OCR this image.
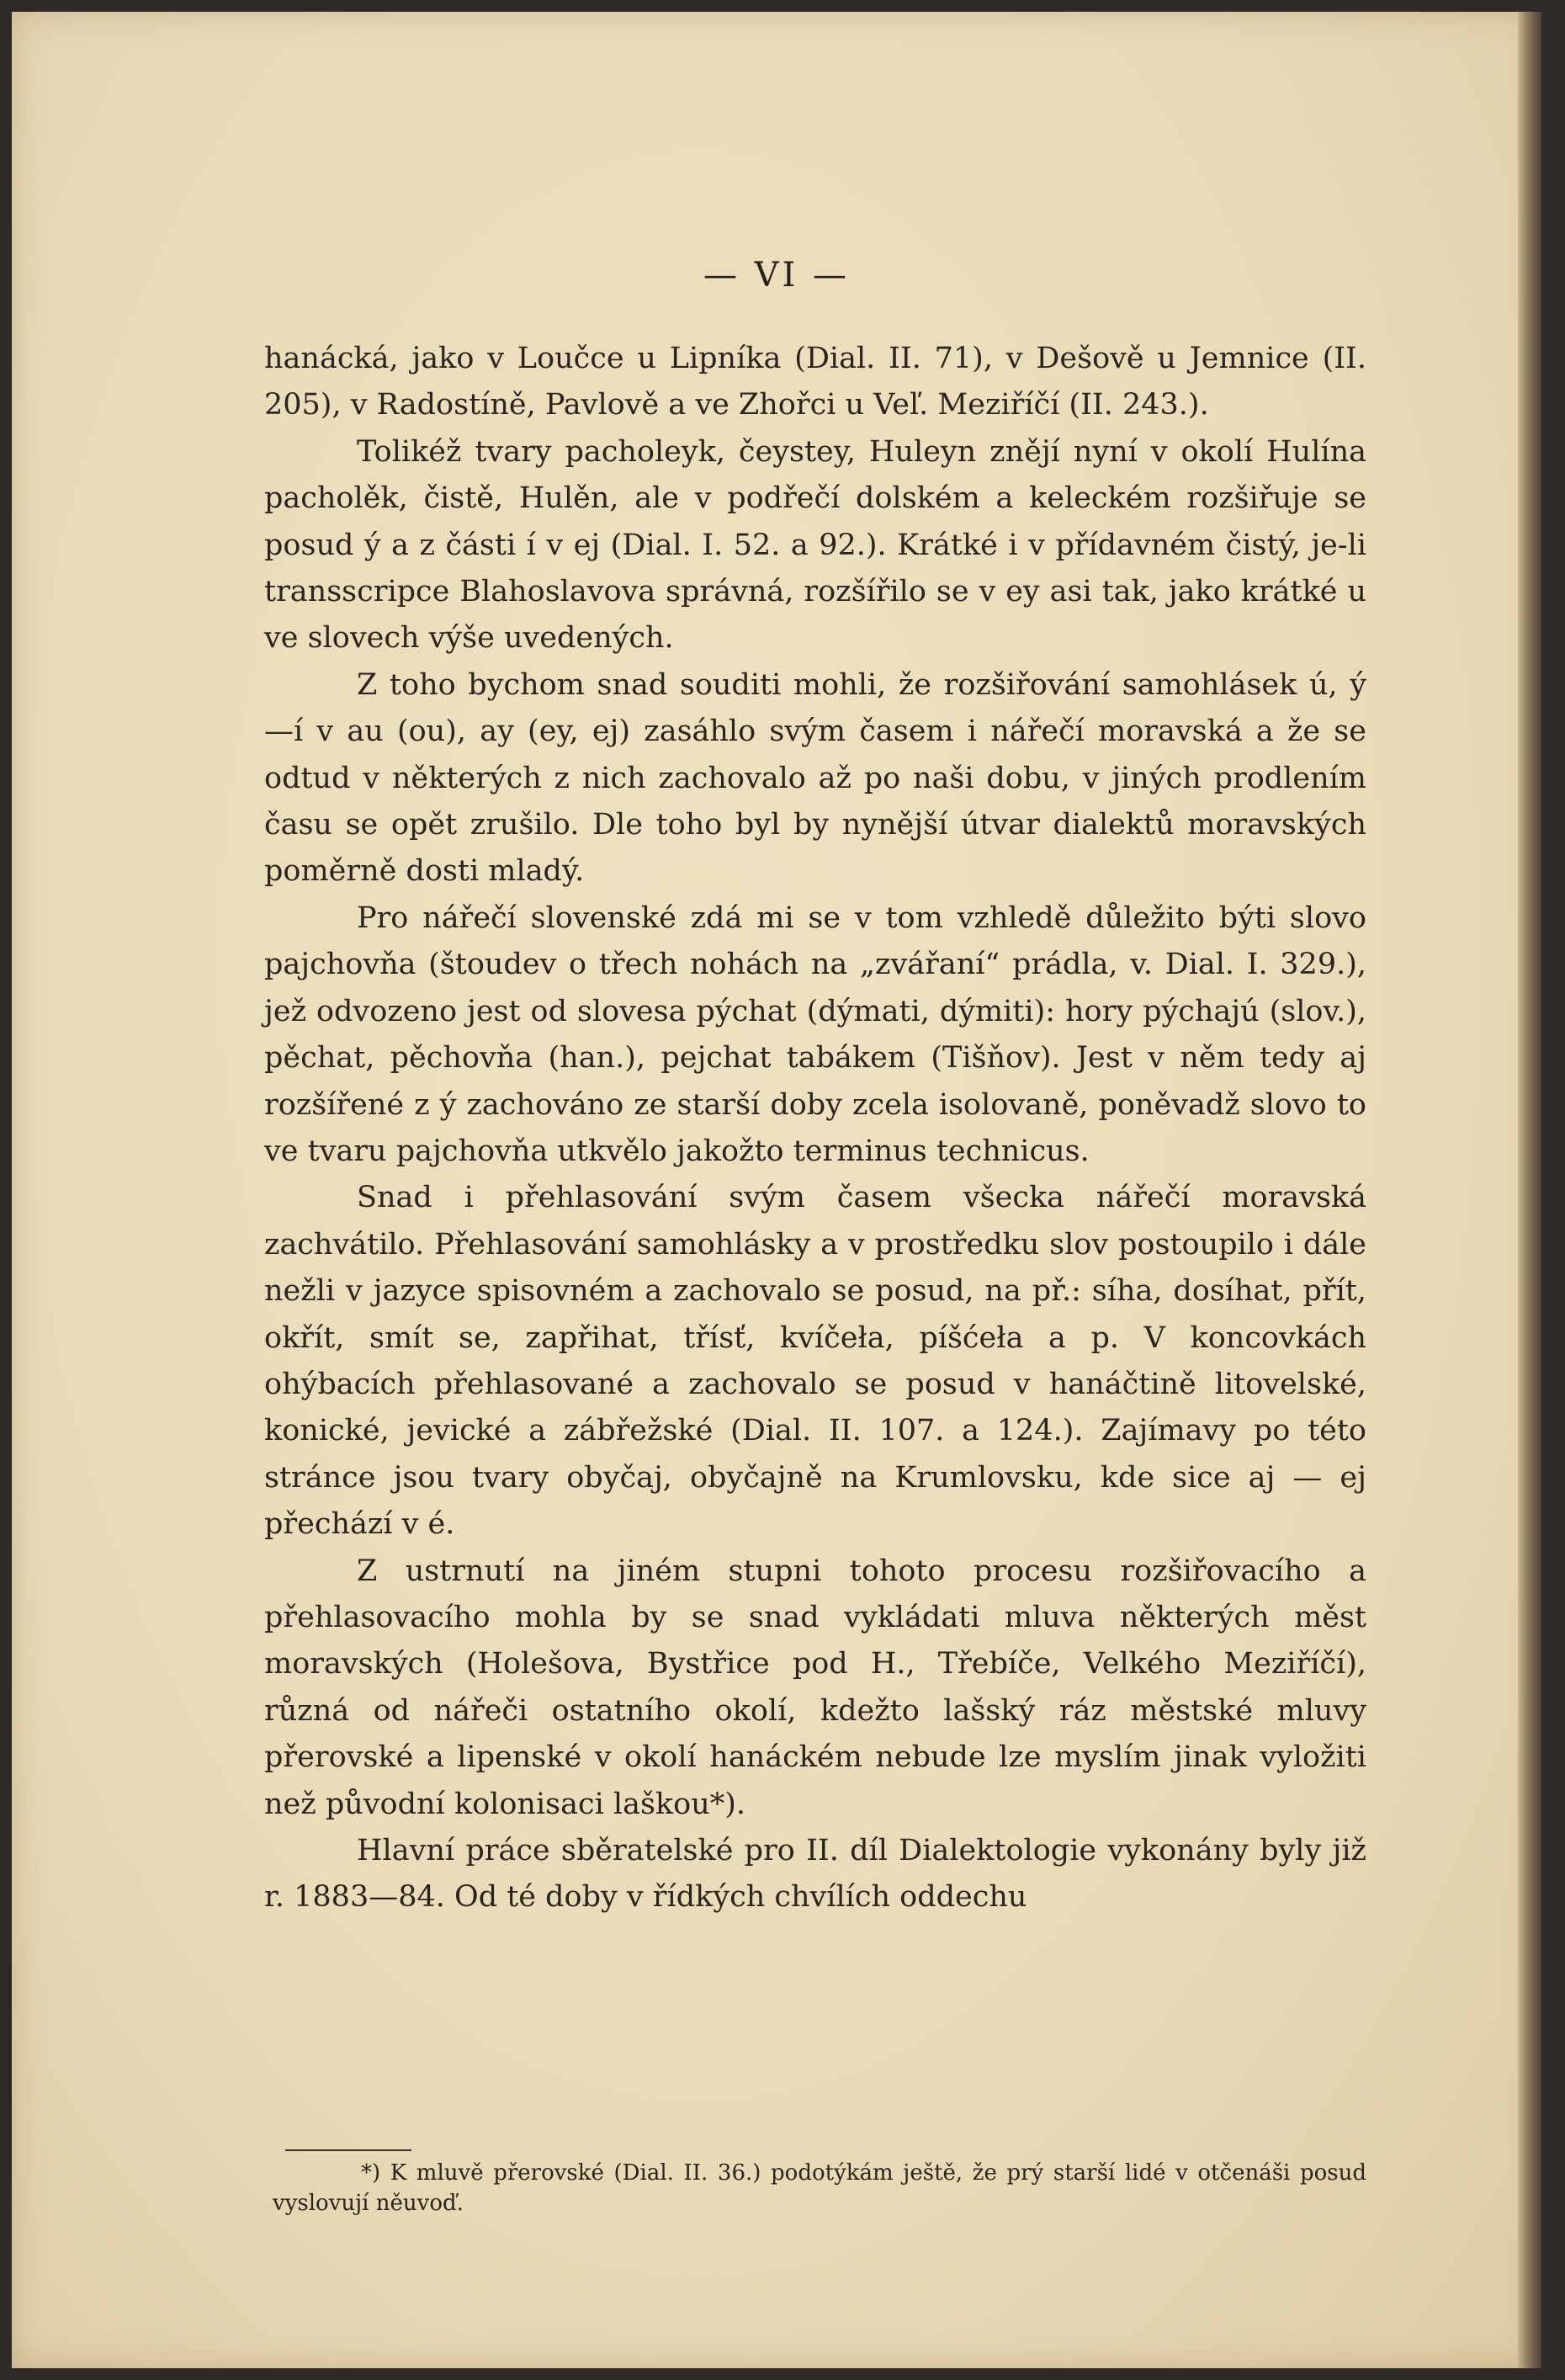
— VI —

hanácká, jako v Loučce u Lipníka (Dial. II. 71), v Dešově u Jemnice (II. 205), v Radostíně, Pavlově a ve Zhořci u Veľ. Meziříčí (II. 243.).

Tolikéž tvary pacholeyk, čeystey, Huleyn znějí nyní v okolí Hulína pacholěk, čistě, Hulěn, ale v podřečí dolském a keleckém rozšiřuje se posud ý a z části í v ej (Dial. I. 52. a 92.). Krátké i v přídavném čistý, je-li transscripce Blahoslavova správná, rozšířilo se v ey asi tak, jako krátké u ve slovech výše uvedených.

Z toho bychom snad souditi mohli, že rozšiřování samohlásek ú, ý—í v au (ou), ay (ey, ej) zasáhlo svým časem i nářečí moravská a že se odtud v některých z nich zachovalo až po naši dobu, v jiných prodlením času se opět zrušilo. Dle toho byl by nynější útvar dialektů moravských poměrně dosti mladý.

Pro nářečí slovenské zdá mi se v tom vzhledě důležito býti slovo pajchovňa (štoudev o třech nohách na „zvářaní“ prádla, v. Dial. I. 329.), jež odvozeno jest od slovesa pýchat (dýmati, dýmiti): hory pýchajú (slov.), pěchat, pěchovňa (han.), pejchat tabákem (Tišňov). Jest v něm tedy aj rozšířené z ý zachováno ze starší doby zcela isolovaně, poněvadž slovo to ve tvaru pajchovňa utkvělo jakožto terminus technicus.

Snad i přehlasování svým časem všecka nářečí moravská zachvátilo. Přehlasování samohlásky a v prostředku slov postoupilo i dále nežli v jazyce spisovném a zachovalo se posud, na př.: síha, dosíhat, přít, okřít, smít se, zapřihat, třísť, kvíčeła, píšćeła a p. V koncovkách ohýbacích přehlasované a zachovalo se posud v hanáčtině litovelské, konické, jevické a zábřežské (Dial. II. 107. a 124.). Zajímavy po této stránce jsou tvary obyčaj, obyčajně na Krumlovsku, kde sice aj — ej přechází v é.

Z ustrnutí na jiném stupni tohoto procesu rozšiřovacího a přehlasovacího mohla by se snad vykládati mluva některých měst moravských (Holešova, Bystřice pod H., Třebíče, Velkého Meziříčí), různá od nářeči ostatního okolí, kdežto lašský ráz městské mluvy přerovské a lipenské v okolí hanáckém nebude lze myslím jinak vyložiti než původní kolonisaci laškou*).

Hlavní práce sběratelské pro II. díl Dialektologie vykonány byly již r. 1883—84. Od té doby v řídkých chvílích oddechu

*) K mluvě přerovské (Dial. II. 36.) podotýkám ještě, že prý starší lidé v otčenáši posud vyslovují něuvoď.
